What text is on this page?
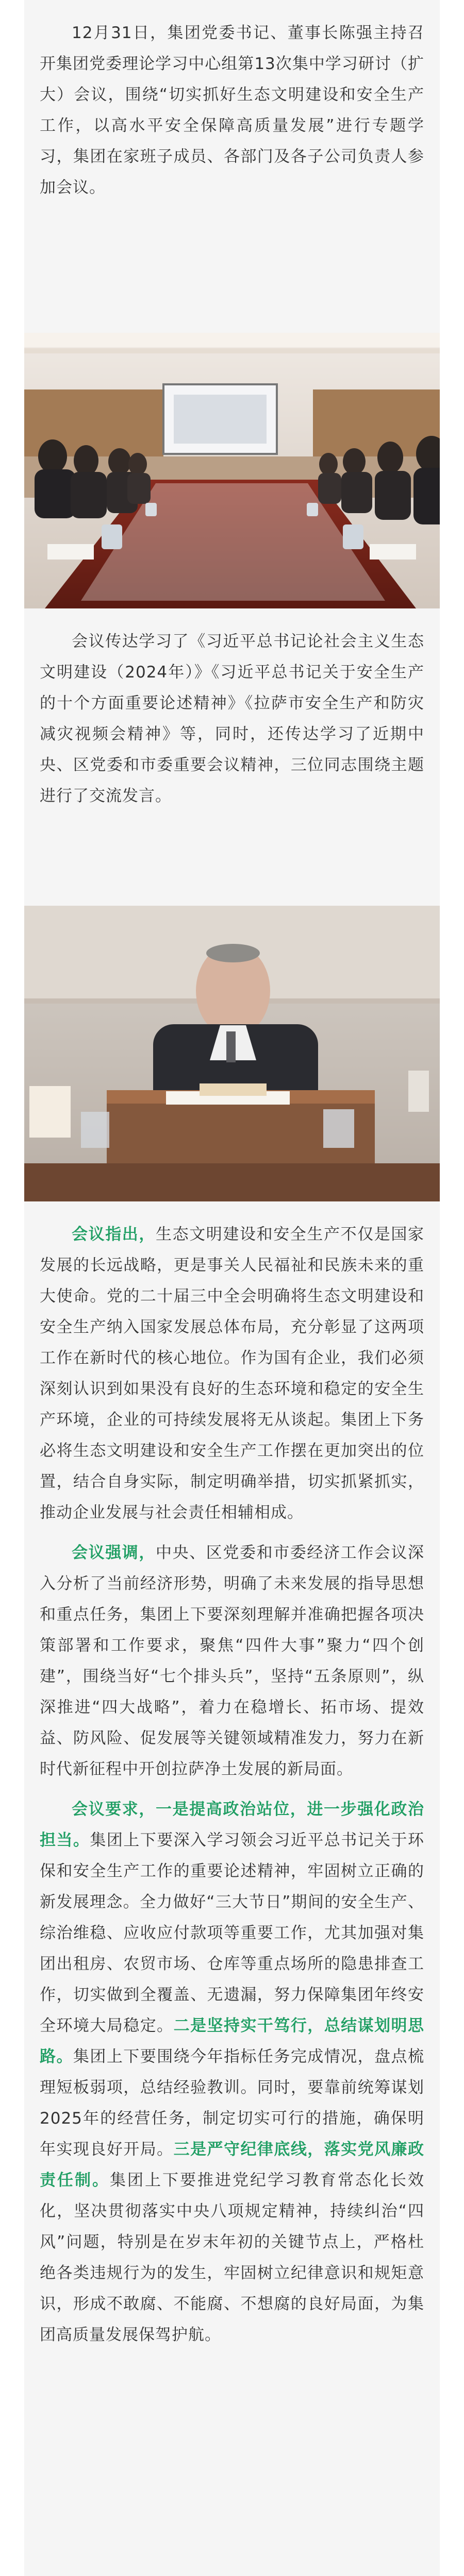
12月31日，集团党委书记、董事长陈强主持召开集团党委理论学习中心组第13次集中学习研讨（扩大）会议，围绕“切实抓好生态文明建设和安全生产工作，以高水平安全保障高质量发展”进行专题学习，集团在家班子成员、各部门及各子公司负责人参加会议。

会议传达学习了《习近平总书记论社会主义生态文明建设（2024年）》《习近平总书记关于安全生产的十个方面重要论述精神》《拉萨市安全生产和防灾减灾视频会精神》等，同时，还传达学习了近期中央、区党委和市委重要会议精神，三位同志围绕主题进行了交流发言。

会议指出，生态文明建设和安全生产不仅是国家发展的长远战略，更是事关人民福祉和民族未来的重大使命。党的二十届三中全会明确将生态文明建设和安全生产纳入国家发展总体布局，充分彰显了这两项工作在新时代的核心地位。作为国有企业，我们必须深刻认识到如果没有良好的生态环境和稳定的安全生产环境，企业的可持续发展将无从谈起。集团上下务必将生态文明建设和安全生产工作摆在更加突出的位置，结合自身实际，制定明确举措，切实抓紧抓实，推动企业发展与社会责任相辅相成。

会议强调，中央、区党委和市委经济工作会议深入分析了当前经济形势，明确了未来发展的指导思想和重点任务，集团上下要深刻理解并准确把握各项决策部署和工作要求，聚焦“四件大事”聚力“四个创建”，围绕当好“七个排头兵”，坚持“五条原则”，纵深推进“四大战略”，着力在稳增长、拓市场、提效益、防风险、促发展等关键领域精准发力，努力在新时代新征程中开创拉萨净土发展的新局面。

会议要求，一是提高政治站位，进一步强化政治担当。集团上下要深入学习领会习近平总书记关于环保和安全生产工作的重要论述精神，牢固树立正确的新发展理念。全力做好“三大节日”期间的安全生产、综治维稳、应收应付款项等重要工作，尤其加强对集团出租房、农贸市场、仓库等重点场所的隐患排查工作，切实做到全覆盖、无遗漏，努力保障集团年终安全环境大局稳定。二是坚持实干笃行，总结谋划明思路。集团上下要围绕今年指标任务完成情况，盘点梳理短板弱项，总结经验教训。同时，要靠前统筹谋划2025年的经营任务，制定切实可行的措施，确保明年实现良好开局。三是严守纪律底线，落实党风廉政责任制。集团上下要推进党纪学习教育常态化长效化，坚决贯彻落实中央八项规定精神，持续纠治“四风”问题，特别是在岁末年初的关键节点上，严格杜绝各类违规行为的发生，牢固树立纪律意识和规矩意识，形成不敢腐、不能腐、不想腐的良好局面，为集团高质量发展保驾护航。
